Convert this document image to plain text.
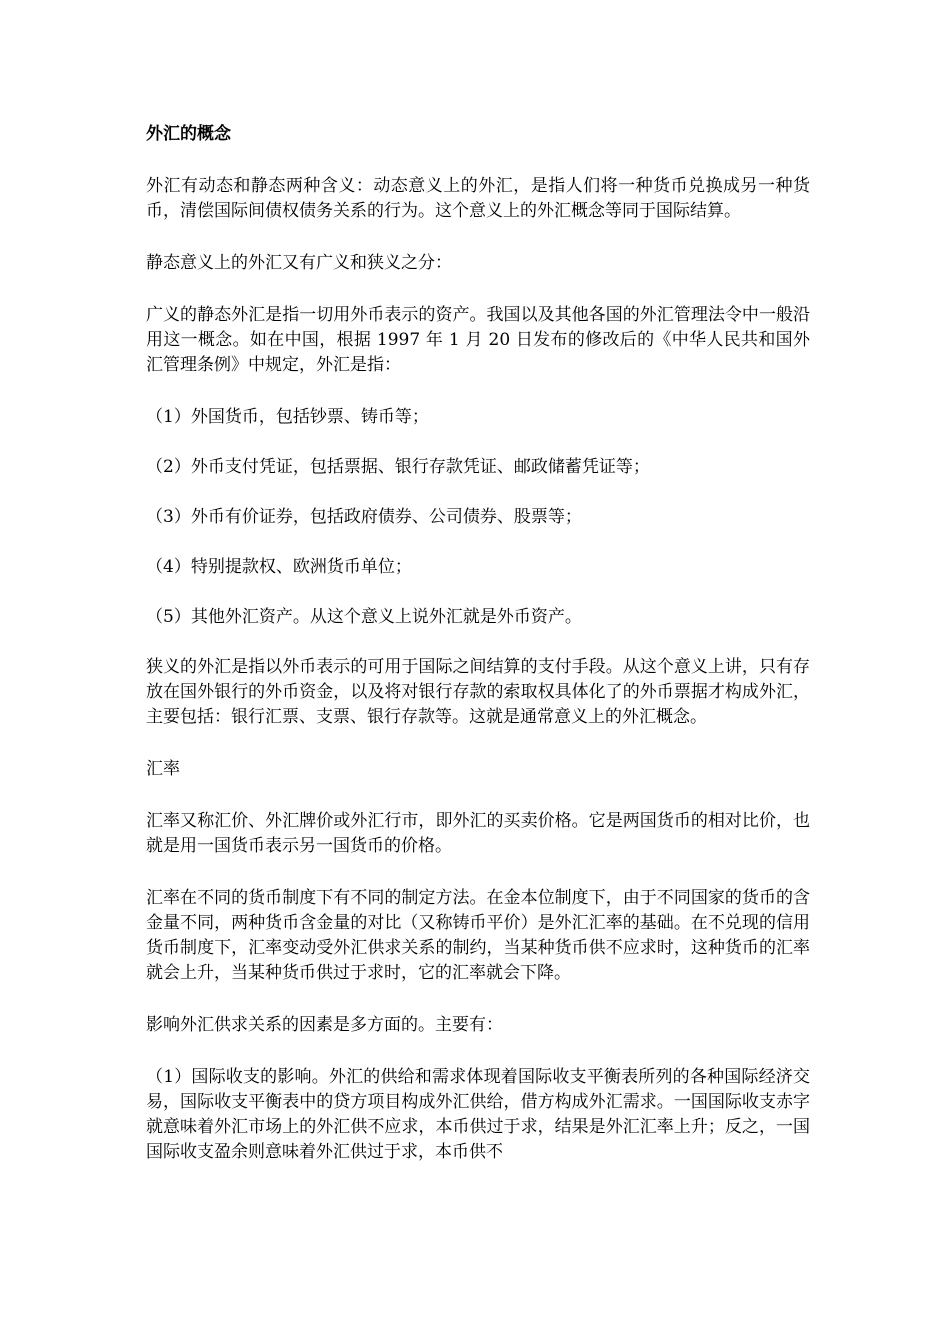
外汇的概念

外汇有动态和静态两种含义：动态意义上的外汇，是指人们将一种货币兑换成另一种货币，清偿国际间债权债务关系的行为。这个意义上的外汇概念等同于国际结算。

静态意义上的外汇又有广义和狭义之分：

广义的静态外汇是指一切用外币表示的资产。我国以及其他各国的外汇管理法令中一般沿用这一概念。如在中国，根据 1997 年 1 月 20 日发布的修改后的《中华人民共和国外汇管理条例》中规定，外汇是指：

（1）外国货币，包括钞票、铸币等；

（2）外币支付凭证，包括票据、银行存款凭证、邮政储蓄凭证等；

（3）外币有价证券，包括政府债券、公司债券、股票等；

（4）特别提款权、欧洲货币单位；

（5）其他外汇资产。从这个意义上说外汇就是外币资产。

狭义的外汇是指以外币表示的可用于国际之间结算的支付手段。从这个意义上讲，只有存放在国外银行的外币资金，以及将对银行存款的索取权具体化了的外币票据才构成外汇，主要包括：银行汇票、支票、银行存款等。这就是通常意义上的外汇概念。

汇率

汇率又称汇价、外汇牌价或外汇行市，即外汇的买卖价格。它是两国货币的相对比价，也就是用一国货币表示另一国货币的价格。

汇率在不同的货币制度下有不同的制定方法。在金本位制度下，由于不同国家的货币的含金量不同，两种货币含金量的对比（又称铸币平价）是外汇汇率的基础。在不兑现的信用货币制度下，汇率变动受外汇供求关系的制约，当某种货币供不应求时，这种货币的汇率就会上升，当某种货币供过于求时，它的汇率就会下降。

影响外汇供求关系的因素是多方面的。主要有：

（1）国际收支的影响。外汇的供给和需求体现着国际收支平衡表所列的各种国际经济交易，国际收支平衡表中的贷方项目构成外汇供给，借方构成外汇需求。一国国际收支赤字就意味着外汇市场上的外汇供不应求，本币供过于求，结果是外汇汇率上升；反之，一国国际收支盈余则意味着外汇供过于求，本币供不
